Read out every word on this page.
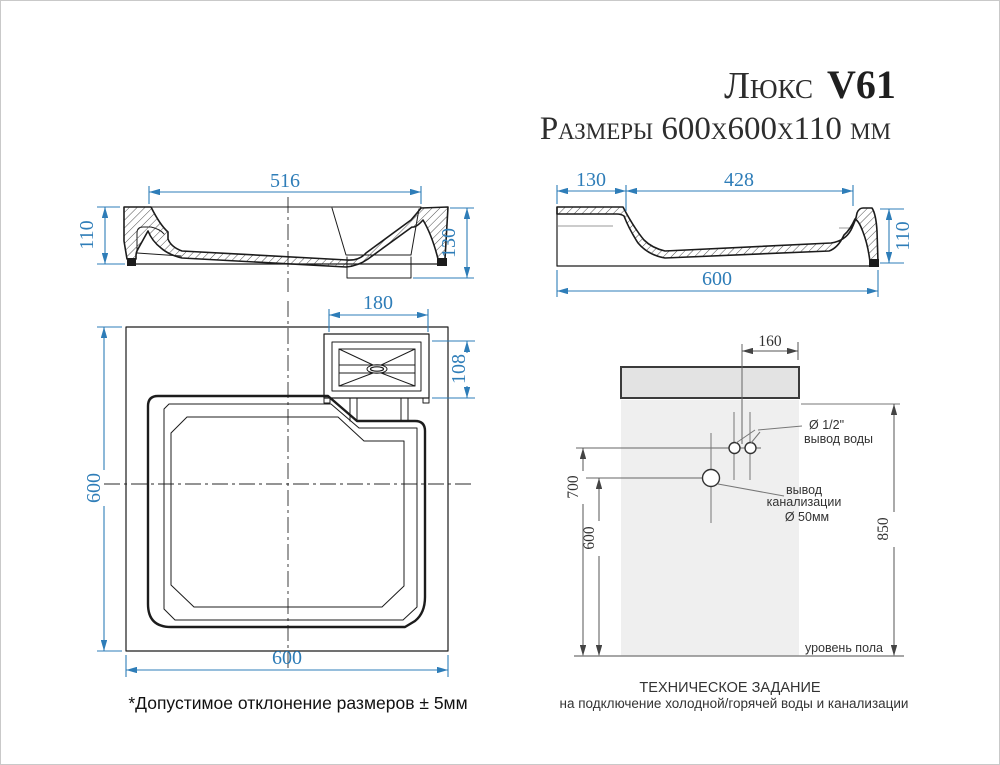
Люкс V61
Размеры 600x600x110 мм
516
110	130
130	428
110
600
180
108
600
600
*Допустимое отклонение размеров ± 5мм
Ø 1/2"
вывод воды
вывод
канализации
Ø 50мм
160
700
600	850
уровень пола
ТЕХНИЧЕСКОЕ ЗАДАНИЕ
на подключение холодной/горячей воды и канализации
